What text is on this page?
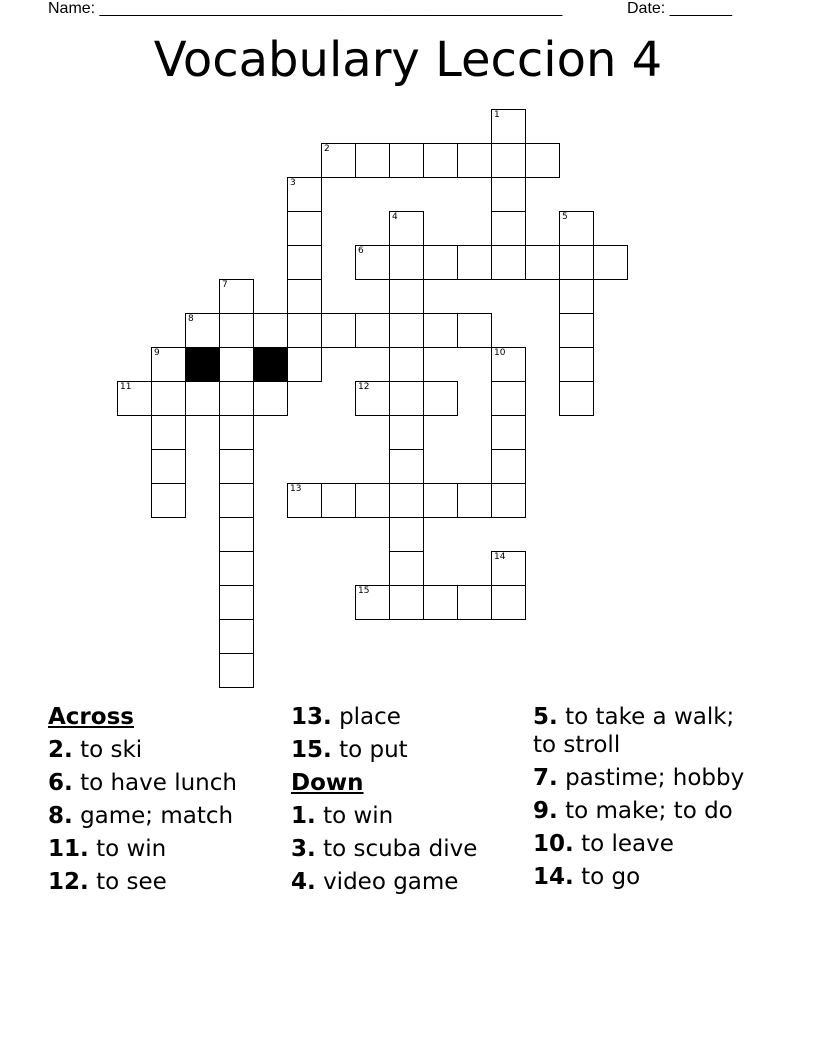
Name: ____________________________________________________	Date: _______
Vocabulary Leccion 4
1
2
3
4	5
6
7
8
9	10
11	12
13
14
15
Across
2. to ski
6. to have lunch
8. game; match
11. to win
12. to see
13. place
15. to put
Down
1. to win
3. to scuba dive
4. video game
5. to take a walk; to stroll
7. pastime; hobby
9. to make; to do
10. to leave
14. to go
